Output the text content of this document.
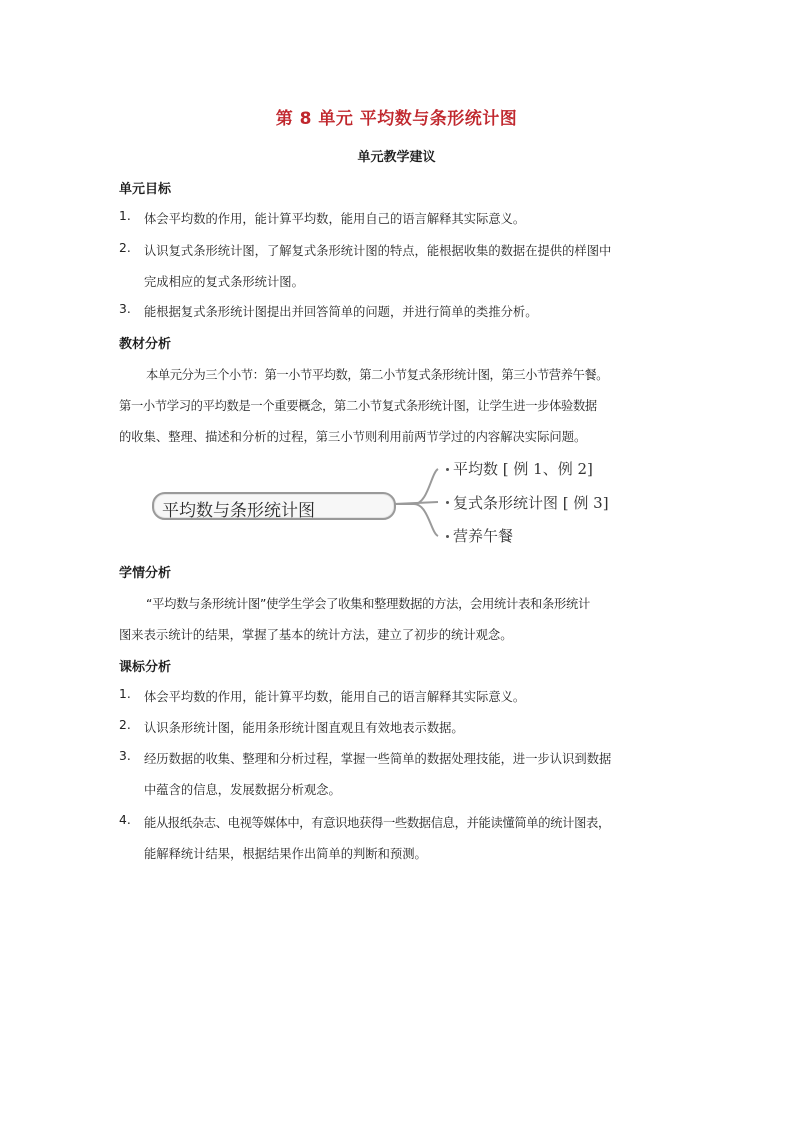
第 8 单元 平均数与条形统计图
单元教学建议
单元目标
1. 体会平均数的作用，能计算平均数，能用自己的语言解释其实际意义。
2. 认识复式条形统计图，了解复式条形统计图的特点，能根据收集的数据在提供的样图中
完成相应的复式条形统计图。
3. 能根据复式条形统计图提出并回答简单的问题，并进行简单的类推分析。
教材分析
本单元分为三个小节：第一小节平均数，第二小节复式条形统计图，第三小节营养午餐。
第一小节学习的平均数是一个重要概念，第二小节复式条形统计图，让学生进一步体验数据
的收集、整理、描述和分析的过程，第三小节则利用前两节学过的内容解决实际问题。
平均数与条形统计图
平均数 [ 例 1、例 2]
复式条形统计图 [ 例 3]
营养午餐
学情分析
“平均数与条形统计图”使学生学会了收集和整理数据的方法，会用统计表和条形统计
图来表示统计的结果，掌握了基本的统计方法，建立了初步的统计观念。
课标分析
1. 体会平均数的作用，能计算平均数，能用自己的语言解释其实际意义。
2. 认识条形统计图，能用条形统计图直观且有效地表示数据。
3. 经历数据的收集、整理和分析过程，掌握一些简单的数据处理技能，进一步认识到数据
中蕴含的信息，发展数据分析观念。
4. 能从报纸杂志、电视等媒体中，有意识地获得一些数据信息，并能读懂简单的统计图表，
能解释统计结果，根据结果作出简单的判断和预测。
